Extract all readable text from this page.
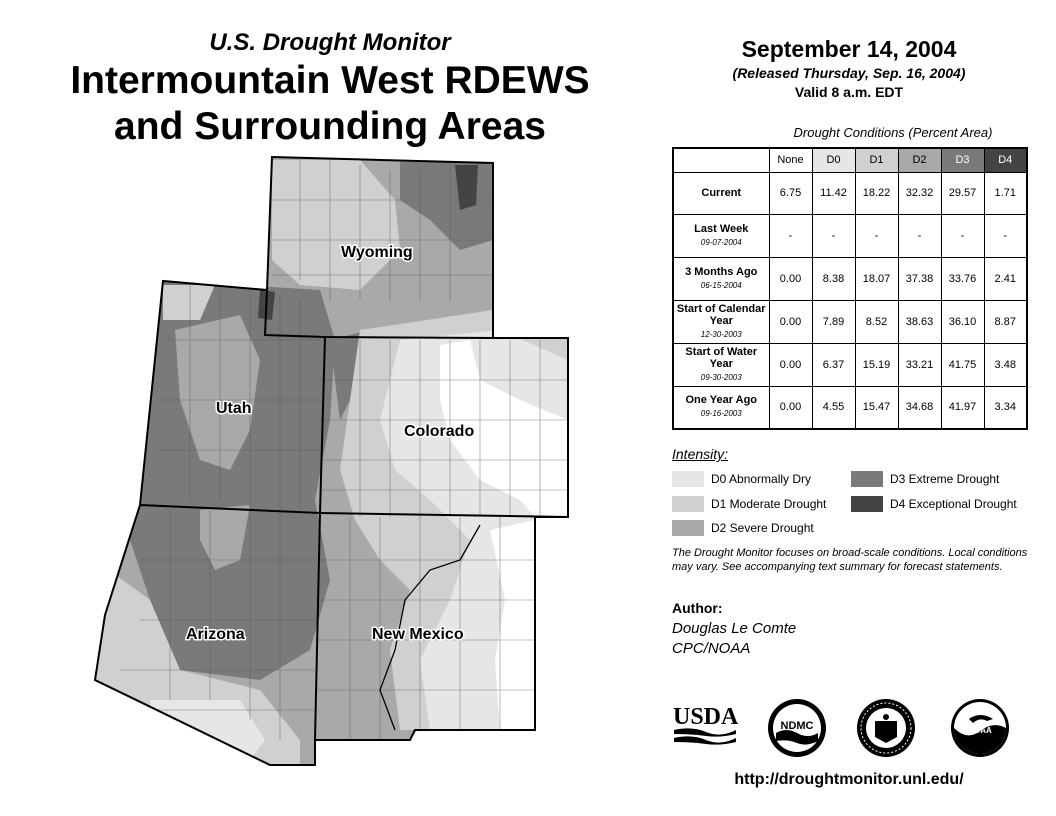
U.S. Drought Monitor
Intermountain West RDEWS
and Surrounding Areas
Wyoming
Utah
Colorado
Arizona	New Mexico
September 14, 2004
(Released Thursday, Sep. 16, 2004)
Valid 8 a.m. EDT
Drought Conditions (Percent Area)
	None	D0	D1	D2	D3	D4

Current	6.75	11.42	18.22	32.32	29.57	1.71

Last Week
09-07-2004	-	-	-	-	-	-

3 Months Ago
06-15-2004	0.00	8.38	18.07	37.38	33.76	2.41

Start of Calendar Year
12-30-2003	0.00	7.89	8.52	38.63	36.10	8.87

Start of Water Year
09-30-2003	0.00	6.37	15.19	33.21	41.75	3.48

One Year Ago
09-16-2003	0.00	4.55	15.47	34.68	41.97	3.34
Intensity:
D0 Abnormally Dry
D1 Moderate Drought
D2 Severe Drought
D3 Extreme Drought
D4 Exceptional Drought
The Drought Monitor focuses on broad-scale conditions. Local conditions may vary. See accompanying text summary for forecast statements.
Author:
Douglas Le Comte
CPC/NOAA
USDA	NDMC	NOAA
http://droughtmonitor.unl.edu/
